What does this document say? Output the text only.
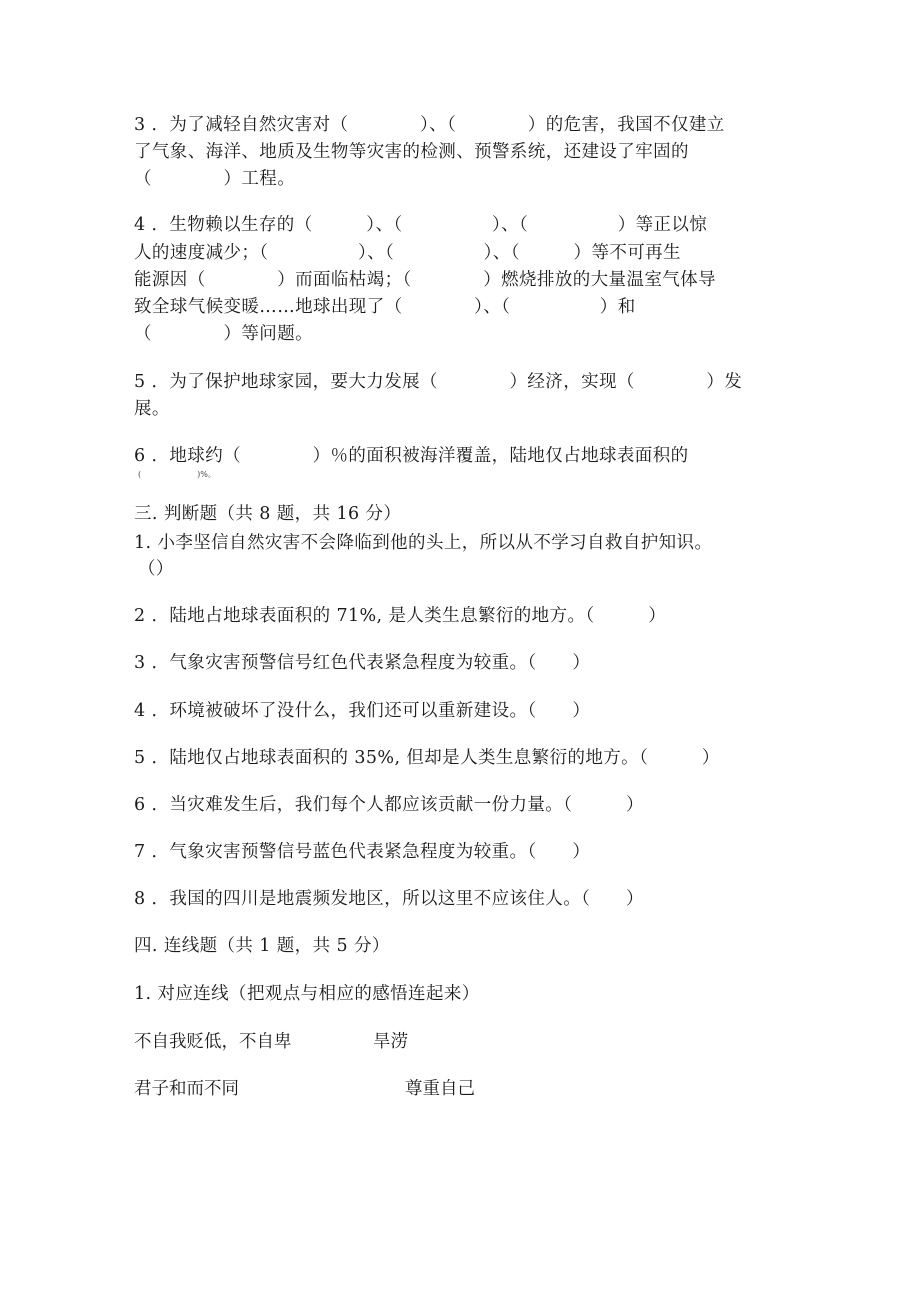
3 ．为了减轻自然灾害对（　　　　）、（　　　　）的危害，我国不仅建立
了气象、海洋、地质及生物等灾害的检测、预警系统，还建设了牢固的
（　　　　）工程。
4 ．生物赖以生存的（　　　）、（　　　　　）、（　　　　　）等正以惊
人的速度减少；（　　　　　）、（　　　　　）、（　　　）等不可再生
能源因（　　　　）而面临枯竭；（　　　　）燃烧排放的大量温室气体导
致全球气候变暖……地球出现了（　　　　）、（　　　　　）和
（　　　　）等问题。
5 ．为了保护地球家园，要大力发展（　　　　）经济，实现（　　　　）发
展。
6 ．地球约（　　　　）％的面积被海洋覆盖，陆地仅占地球表面积的
(　　　　　　　)%。
三. 判断题（共 8 题，共 16 分）
1. 小李坚信自然灾害不会降临到他的头上，所以从不学习自救自护知识。
（）
2 ．陆地占地球表面积的 71%, 是人类生息繁衍的地方。（　　　）
3 ．气象灾害预警信号红色代表紧急程度为较重。（　　）
4 ．环境被破坏了没什么，我们还可以重新建设。（　　）
5 ．陆地仅占地球表面积的 35%, 但却是人类生息繁衍的地方。（　　　）
6 ．当灾难发生后，我们每个人都应该贡献一份力量。（　　　）
7 ．气象灾害预警信号蓝色代表紧急程度为较重。（　　）
8 ．我国的四川是地震频发地区，所以这里不应该住人。（　　）
四. 连线题（共 1 题，共 5 分）
1. 对应连线（把观点与相应的感悟连起来）
不自我贬低，不自卑	旱涝
君子和而不同	尊重自己
